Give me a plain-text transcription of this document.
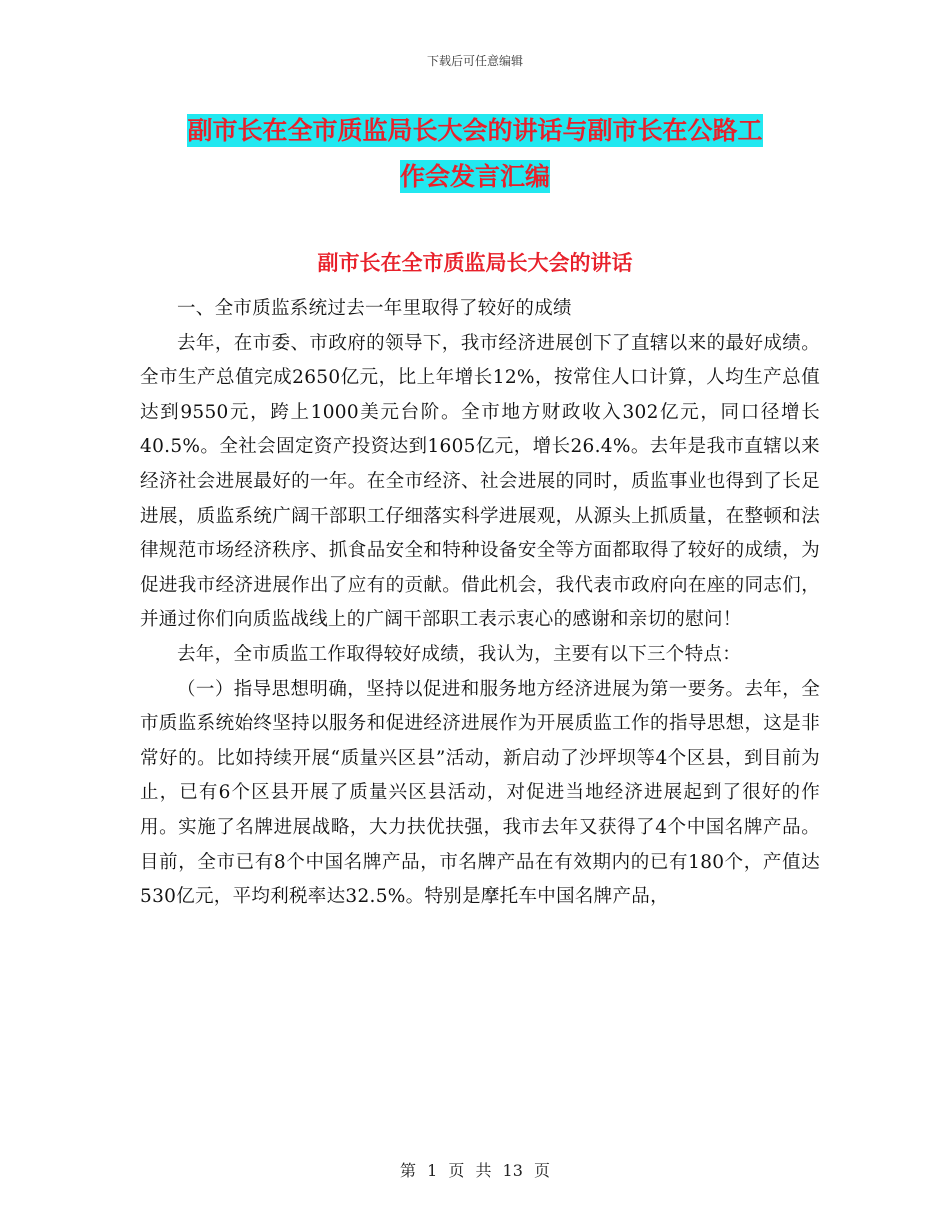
下载后可任意编辑
副市长在全市质监局长大会的讲话与副市长在公路工
作会发言汇编
副市长在全市质监局长大会的讲话

一、全市质监系统过去一年里取得了较好的成绩

去年，在市委、市政府的领导下，我市经济进展创下了直辖以来的最好成绩。全市生产总值完成2650亿元，比上年增长12%，按常住人口计算，人均生产总值达到9550元，跨上1000美元台阶。全市地方财政收入302亿元，同口径增长40.5%。全社会固定资产投资达到1605亿元，增长26.4%。去年是我市直辖以来经济社会进展最好的一年。在全市经济、社会进展的同时，质监事业也得到了长足进展，质监系统广阔干部职工仔细落实科学进展观，从源头上抓质量，在整顿和法律规范市场经济秩序、抓食品安全和特种设备安全等方面都取得了较好的成绩，为促进我市经济进展作出了应有的贡献。借此机会，我代表市政府向在座的同志们，并通过你们向质监战线上的广阔干部职工表示衷心的感谢和亲切的慰问！

去年，全市质监工作取得较好成绩，我认为，主要有以下三个特点：

（一）指导思想明确，坚持以促进和服务地方经济进展为第一要务。去年，全市质监系统始终坚持以服务和促进经济进展作为开展质监工作的指导思想，这是非常好的。比如持续开展“质量兴区县”活动，新启动了沙坪坝等4个区县，到目前为止，已有6个区县开展了质量兴区县活动，对促进当地经济进展起到了很好的作用。实施了名牌进展战略，大力扶优扶强，我市去年又获得了4个中国名牌产品。目前，全市已有8个中国名牌产品，市名牌产品在有效期内的已有180个，产值达530亿元，平均利税率达32.5%。特别是摩托车中国名牌产品，

第 1 页 共 13 页
